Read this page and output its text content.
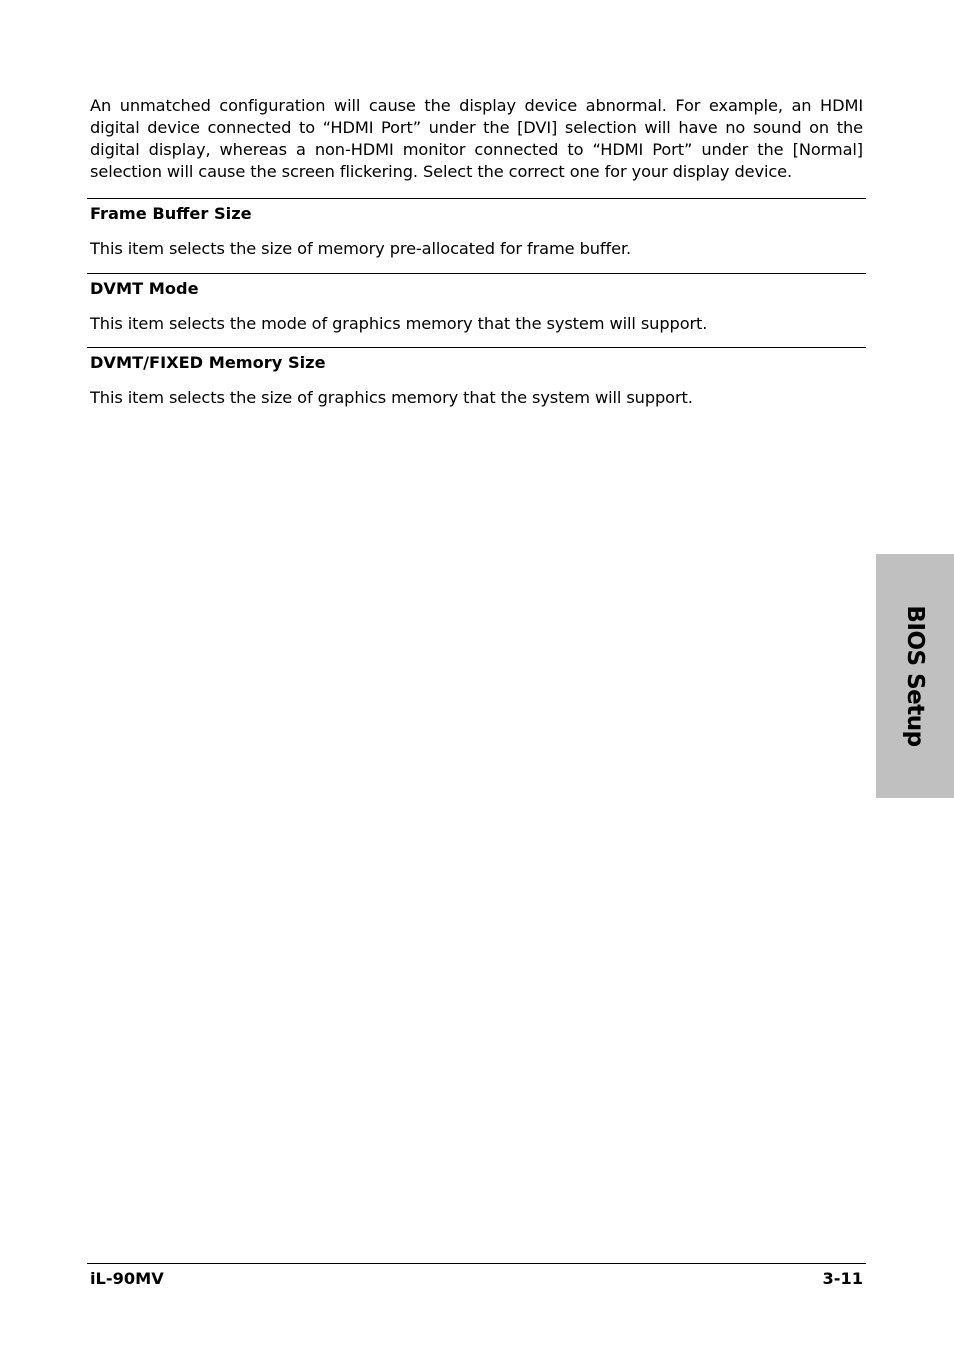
An unmatched configuration will cause the display device abnormal. For example, an HDMI digital device connected to “HDMI Port” under the [DVI] selection will have no sound on the digital display, whereas a non-HDMI monitor connected to “HDMI Port” under the [Normal] selection will cause the screen flickering. Select the correct one for your display device.

Frame Buffer Size

This item selects the size of memory pre-allocated for frame buffer.

DVMT Mode

This item selects the mode of graphics memory that the system will support.

DVMT/FIXED Memory Size

This item selects the size of graphics memory that the system will support.

BIOS Setup
iL-90MV	3-11
